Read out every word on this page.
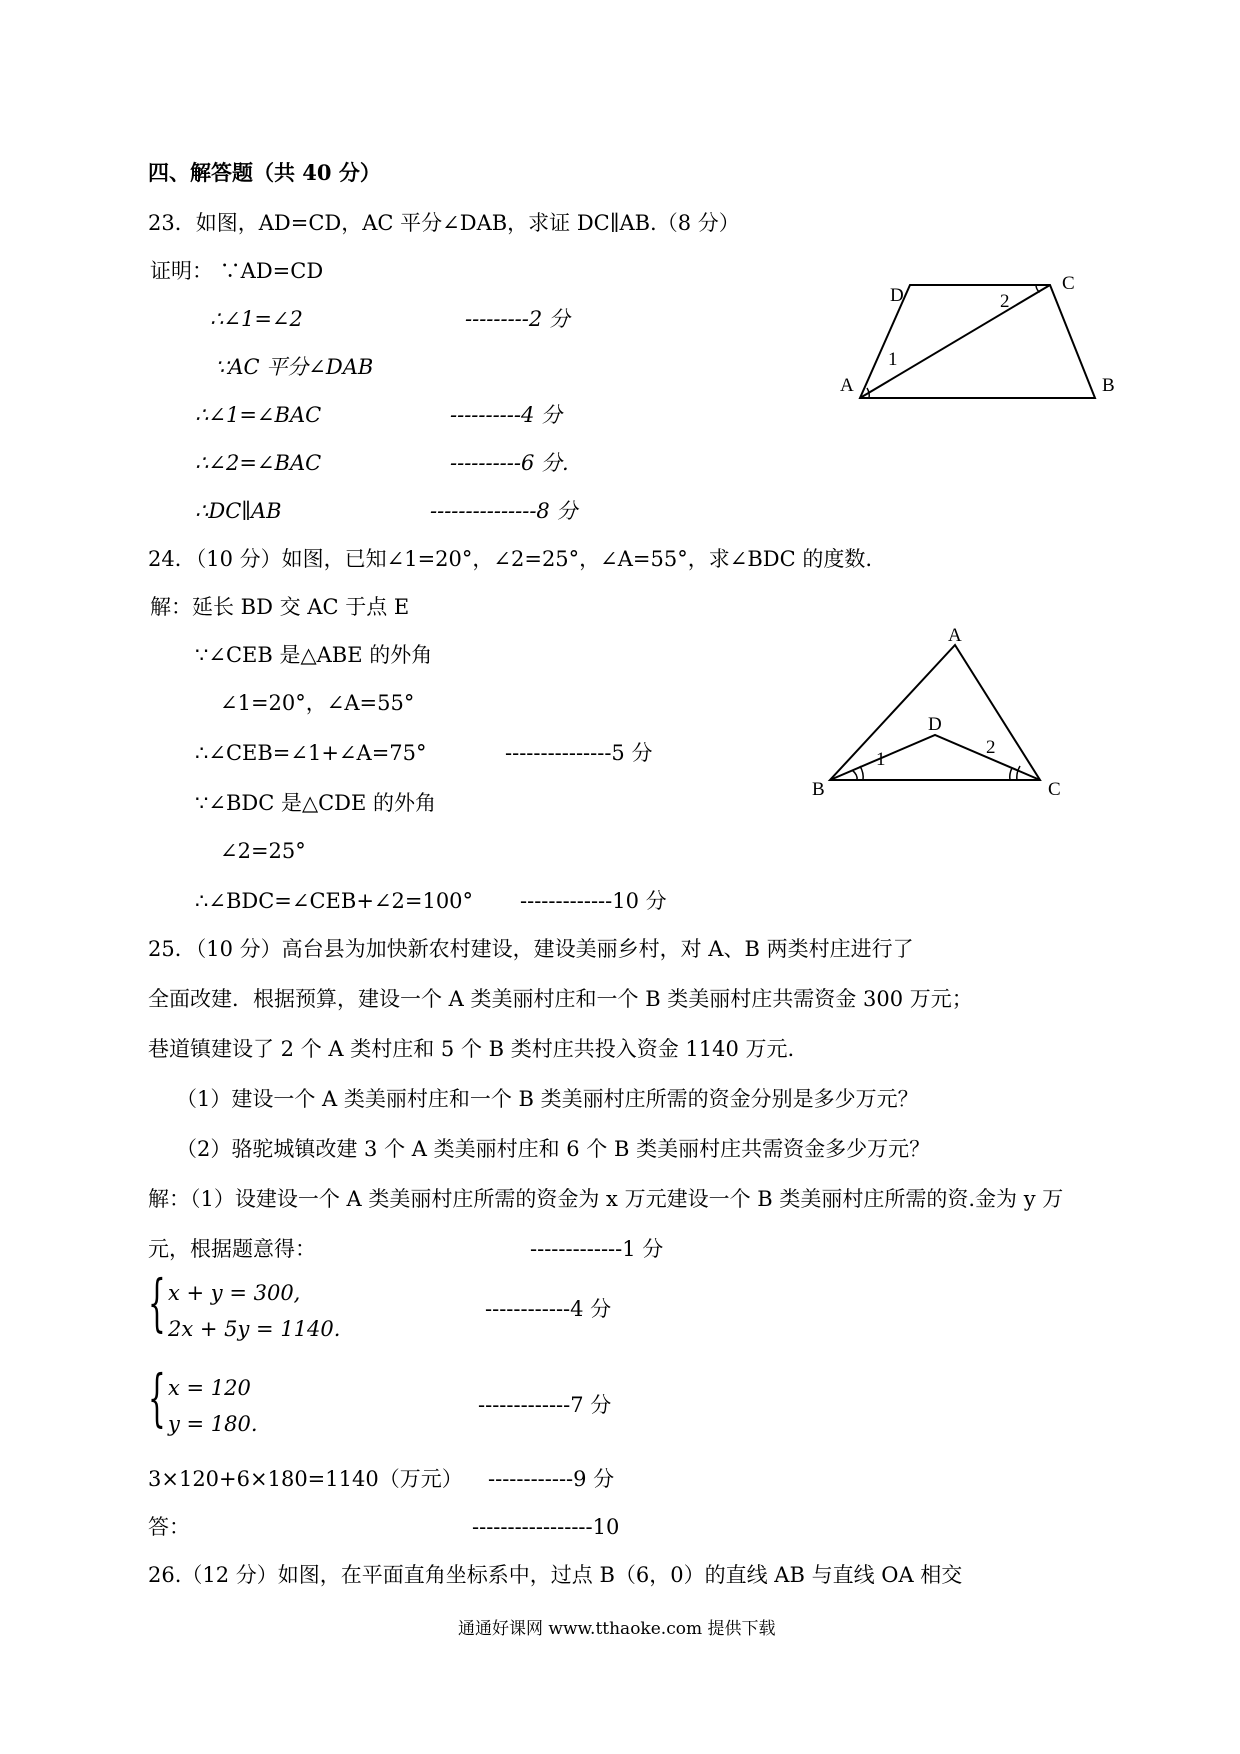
四、解答题（共 40 分）
23．如图，AD=CD，AC 平分∠DAB，求证 DC∥AB.（8 分）
证明： ∵AD=CD
∴∠1=∠2	---------2 分
∵AC 平分∠DAB
∴∠1=∠BAC	----------4 分
∴∠2=∠BAC	----------6 分.
∴DC∥AB	---------------8 分
D
C
A	B
1
2
24．（10 分）如图，已知∠1=20°，∠2=25°，∠A=55°，求∠BDC 的度数.
解：延长 BD 交 AC 于点 E
∵∠CEB 是△ABE 的外角
∠1=20°，∠A=55°
∴∠CEB=∠1+∠A=75°	---------------5 分
∵∠BDC 是△CDE 的外角
∠2=25°
∴∠BDC=∠CEB+∠2=100° -------------10 分
A
D
B	C
1
2
25．（10 分）高台县为加快新农村建设，建设美丽乡村，对 A、B 两类村庄进行了
全面改建．根据预算，建设一个 A 类美丽村庄和一个 B 类美丽村庄共需资金 300 万元；
巷道镇建设了 2 个 A 类村庄和 5 个 B 类村庄共投入资金 1140 万元.
（1）建设一个 A 类美丽村庄和一个 B 类美丽村庄所需的资金分别是多少万元？
（2）骆驼城镇改建 3 个 A 类美丽村庄和 6 个 B 类美丽村庄共需资金多少万元？
解：（1）设建设一个 A 类美丽村庄所需的资金为 x 万元建设一个 B 类美丽村庄所需的资.金为 y 万
元，根据题意得：	-------------1 分
{ x + y = 300,
2x + 5y = 1140.
------------4 分
{ x = 120
y = 180.
-------------7 分
3×120+6×180=1140（万元） ------------9 分
答：	-----------------10
26.（12 分）如图，在平面直角坐标系中，过点 B（6，0）的直线 AB 与直线 OA 相交
通通好课网 www.tthaoke.com 提供下载
